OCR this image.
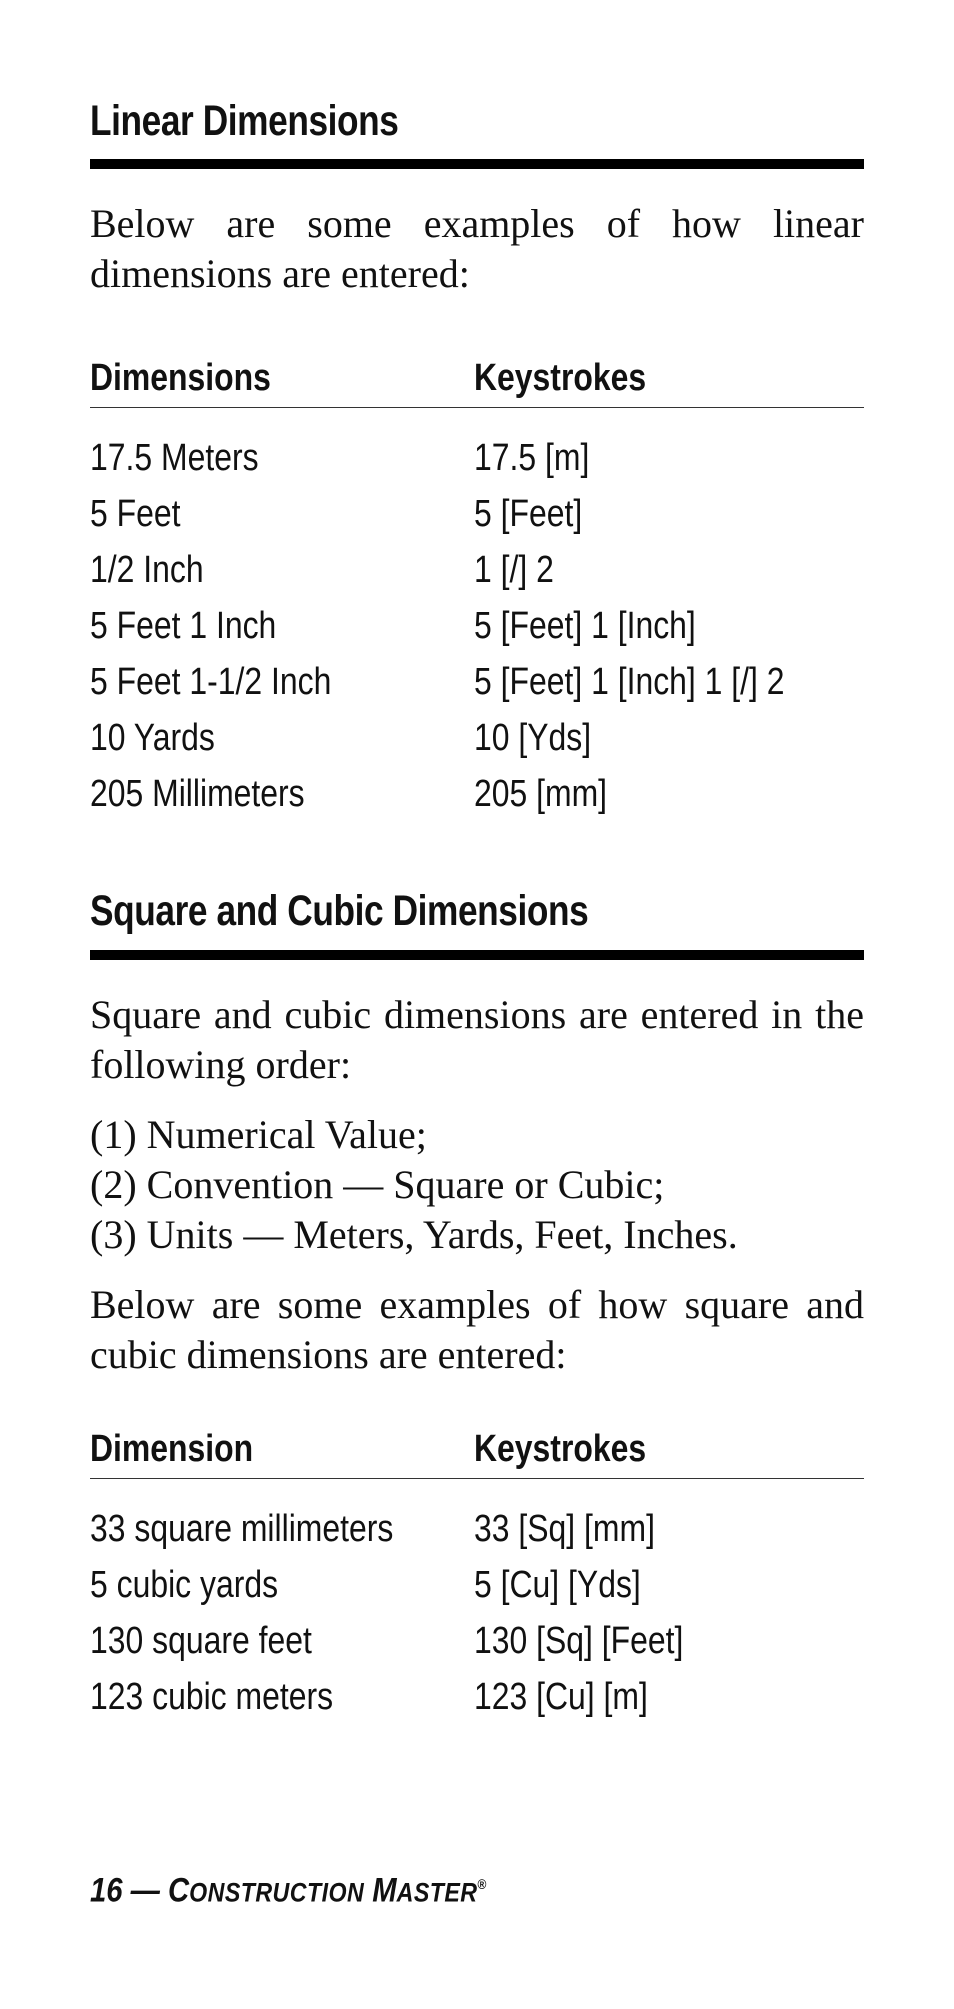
Linear Dimensions

Below are some examples of how linear dimensions are entered:

Dimensions	Keystrokes
17.5 Meters	17.5 [m]
5 Feet	5 [Feet]
1/2 Inch	1 [/] 2
5 Feet 1 Inch	5 [Feet] 1 [Inch]
5 Feet 1-1/2 Inch	5 [Feet] 1 [Inch] 1 [/] 2
10 Yards	10 [Yds]
205 Millimeters	205 [mm]
Square and Cubic Dimensions

Square and cubic dimensions are entered in the following order:

(1) Numerical Value;

(2) Convention — Square or Cubic;

(3) Units — Meters, Yards, Feet, Inches.

Below are some examples of how square and cubic dimensions are entered:

Dimension	Keystrokes
33 square millimeters	33 [Sq] [mm]
5 cubic yards	5 [Cu] [Yds]
130 square feet	130 [Sq] [Feet]
123 cubic meters	123 [Cu] [m]
16 — CONSTRUCTION MASTER®
